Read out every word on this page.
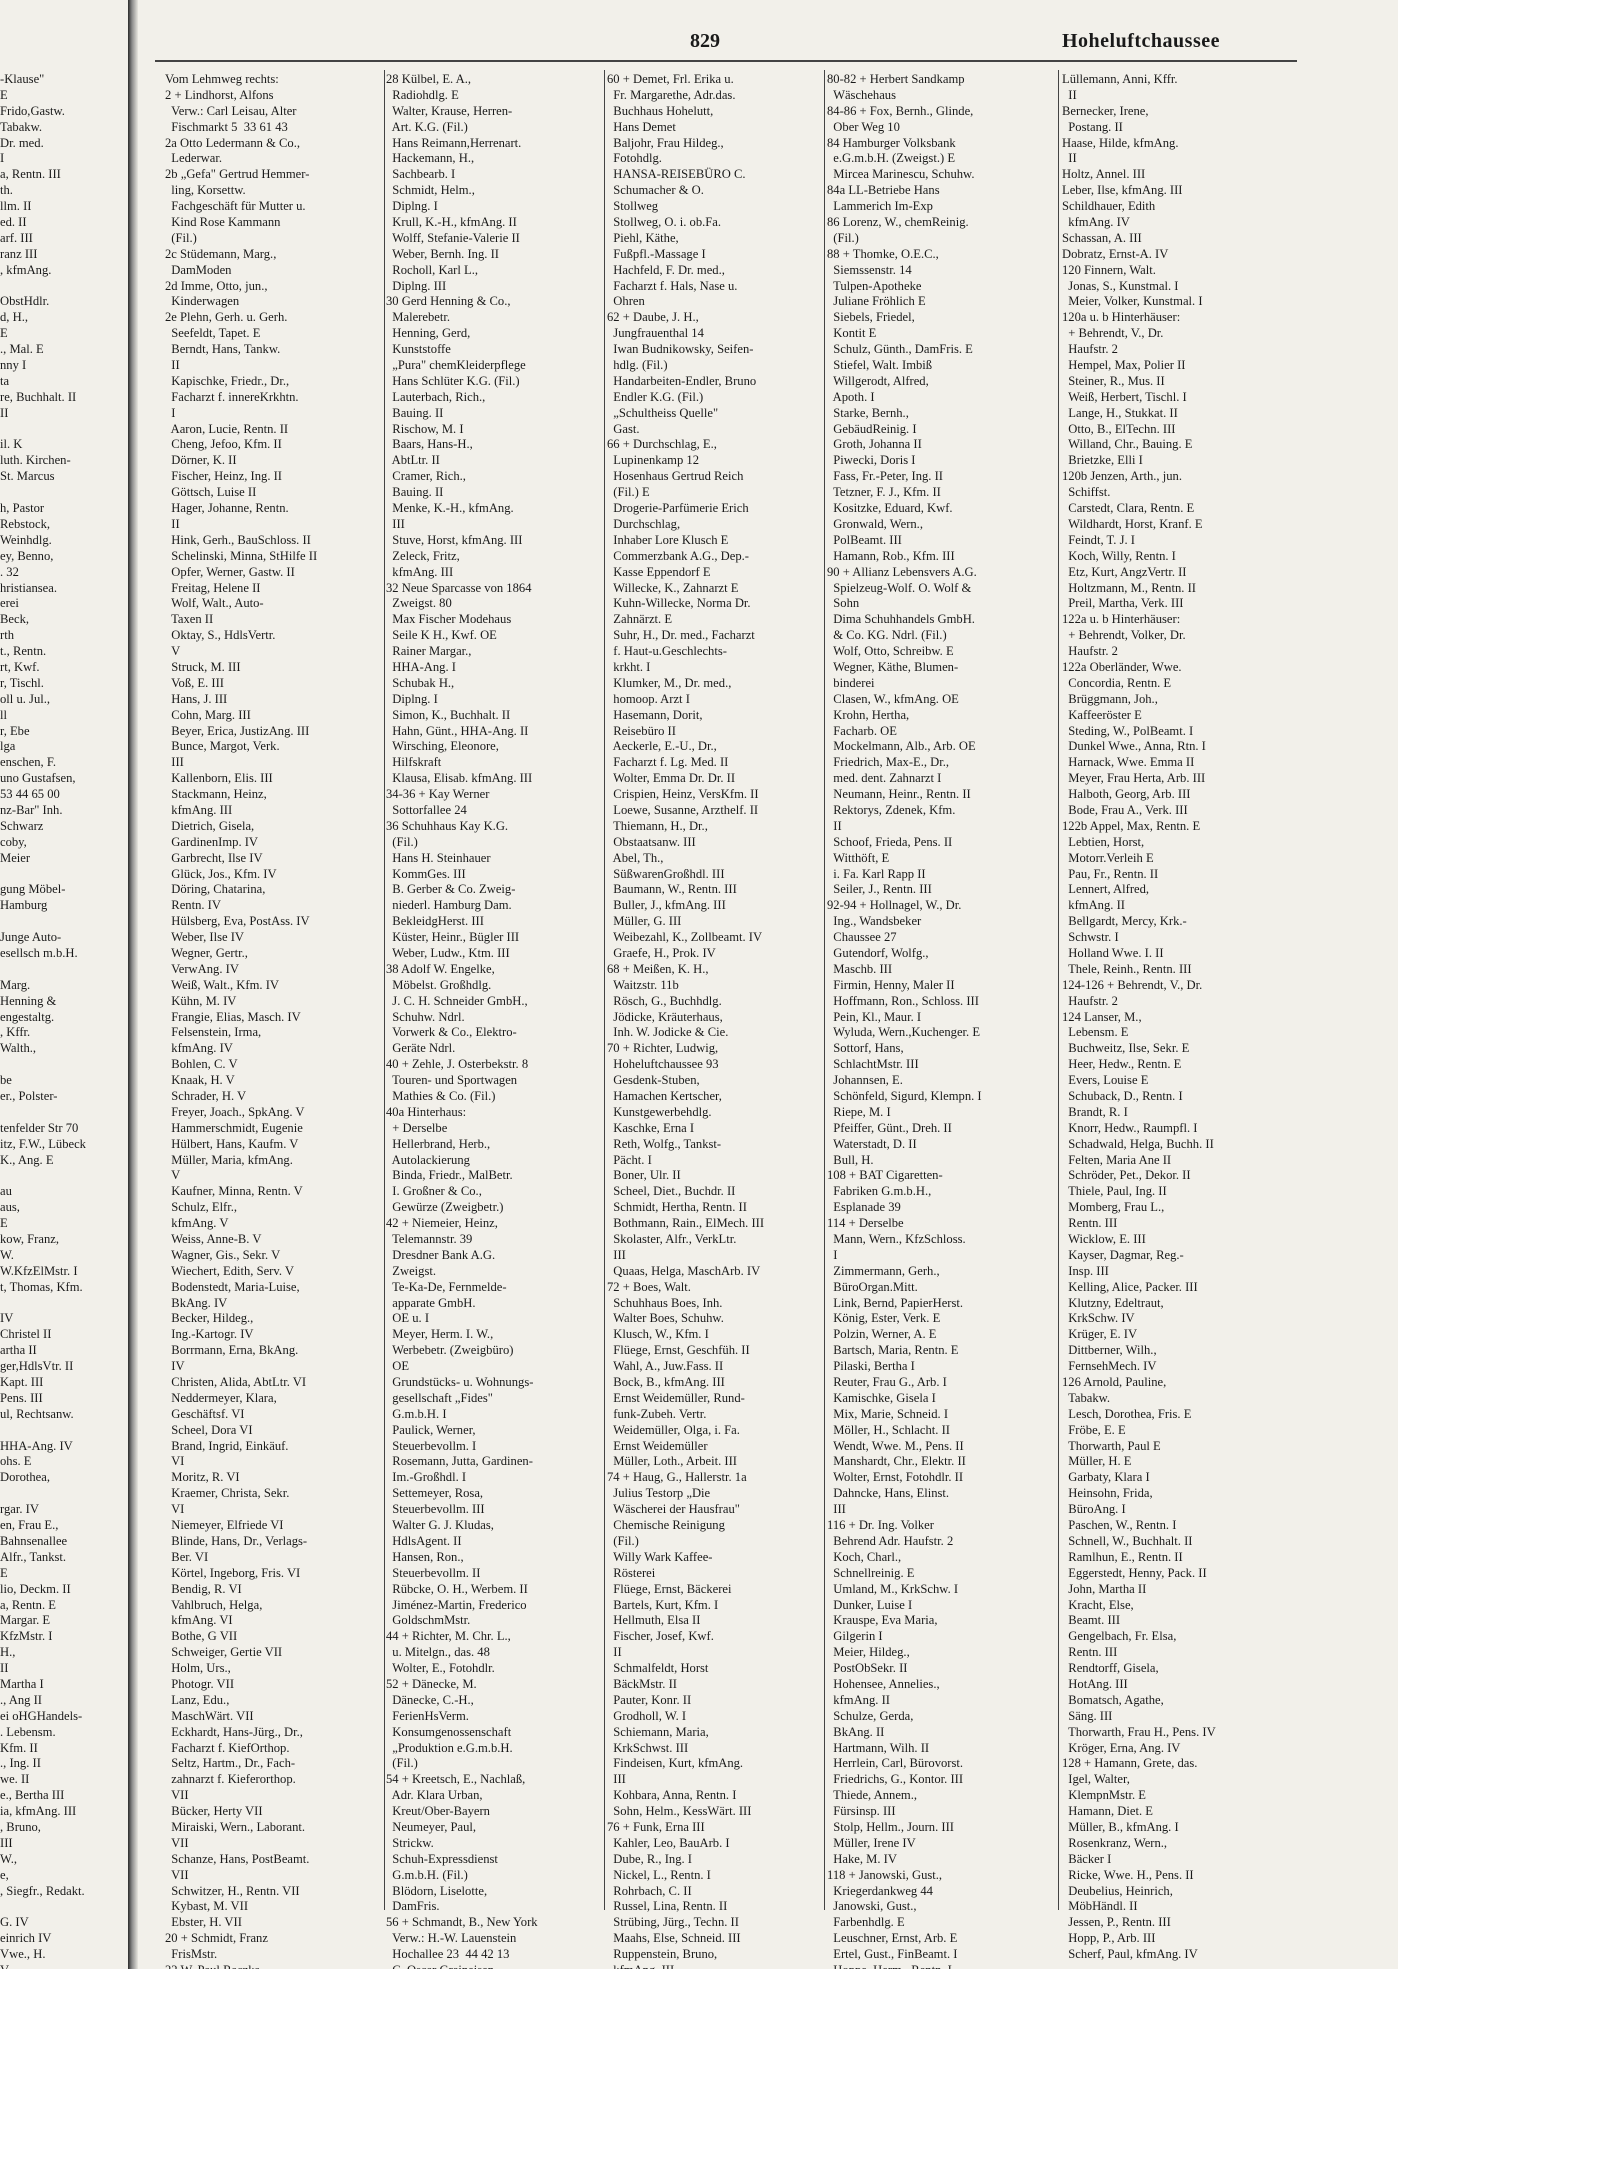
829	Hoheluftchaussee
-Klause"
E
Frido,Gastw.
Tabakw.
Dr. med.
I
a, Rentn. III
th.
llm. II
ed. II
arf. III
ranz III
, kfmAng.
ObstHdlr.
d, H.,
E
., Mal. E
nny I
ta
re, Buchhalt. II
II
il. K
luth. Kirchen-
St. Marcus
h, Pastor
Rebstock,
Weinhdlg.
ey, Benno,
. 32
hristiansea.
erei
Beck,
rth
t., Rentn.
rt, Kwf.
r, Tischl.
oll u. Jul.,
ll
r, Ebe
lga
enschen, F.
uno Gustafsen,
53 44 65 00
nz-Bar" Inh.
Schwarz
coby,
Meier
gung Möbel-
Hamburg
Junge Auto-
esellsch m.b.H.
Marg.
Henning &
engestaltg.
, Kffr.
Walth.,
be
er., Polster-
tenfelder Str 70
itz, F.W., Lübeck
K., Ang. E
au
aus,
E
kow, Franz,
W.
W.KfzElMstr. I
t, Thomas, Kfm.
IV
Christel II
artha II
ger,HdlsVtr. II
Kapt. III
Pens. III
ul, Rechtsanw.
HHA-Ang. IV
ohs. E
Dorothea,
rgar. IV
en, Frau E.,
Bahnsenallee
Alfr., Tankst.
E
lio, Deckm. II
a, Rentn. E
Margar. E
KfzMstr. I
H.,
II
Martha I
., Ang II
ei oHGHandels-
. Lebensm.
Kfm. II
., Ing. II
we. II
e., Bertha III
ia, kfmAng. III
, Bruno,
III
W.,
e,
, Siegfr., Redakt.
G. IV
einrich IV
Vwe., H.
Vom Lehmweg rechts:
2 + Lindhorst, Alfons
Verw.: Carl Leisau, Alter
Fischmarkt 5  33 61 43
2a Otto Ledermann & Co.,
Lederwar.
2b „Gefa" Gertrud Hemmer-
ling, Korsettw.
Fachgeschäft für Mutter u.
Kind Rose Kammann
(Fil.)
2c Stüdemann, Marg.,
DamModen
2d Imme, Otto, jun.,
Kinderwagen
2e Plehn, Gerh. u. Gerh.
Seefeldt, Tapet. E
Berndt, Hans, Tankw.
II
Kapischke, Friedr., Dr.,
Facharzt f. innereKrkhtn.
I
Aaron, Lucie, Rentn. II
Cheng, Jefoo, Kfm. II
Dörner, K. II
Fischer, Heinz, Ing. II
Göttsch, Luise II
Hager, Johanne, Rentn.
II
Hink, Gerh., BauSchloss. II
Schelinski, Minna, StHilfe II
Opfer, Werner, Gastw. II
Freitag, Helene II
Wolf, Walt., Auto-
Taxen II
Oktay, S., HdlsVertr.
V
Struck, M. III
Voß, E. III
Hans, J. III
Cohn, Marg. III
Beyer, Erica, JustizAng. III
Bunce, Margot, Verk.
III
Kallenborn, Elis. III
Stackmann, Heinz,
kfmAng. III
Dietrich, Gisela,
GardinenImp. IV
Garbrecht, Ilse IV
Glück, Jos., Kfm. IV
Döring, Chatarina,
Rentn. IV
Hülsberg, Eva, PostAss. IV
Weber, Ilse IV
Wegner, Gertr.,
VerwAng. IV
Weiß, Walt., Kfm. IV
Kühn, M. IV
Frangie, Elias, Masch. IV
Felsenstein, Irma,
kfmAng. IV
Bohlen, C. V
Knaak, H. V
Schrader, H. V
Freyer, Joach., SpkAng. V
Hammerschmidt, Eugenie
Hülbert, Hans, Kaufm. V
Müller, Maria, kfmAng.
V
Kaufner, Minna, Rentn. V
Schulz, Elfr.,
kfmAng. V
Weiss, Anne-B. V
Wagner, Gis., Sekr. V
Wiechert, Edith, Serv. V
Bodenstedt, Maria-Luise,
BkAng. IV
Becker, Hildeg.,
Ing.-Kartogr. IV
Borrmann, Erna, BkAng.
IV
Christen, Alida, AbtLtr. VI
Neddermeyer, Klara,
Geschäftsf. VI
Scheel, Dora VI
Brand, Ingrid, Einkäuf.
VI
Moritz, R. VI
Kraemer, Christa, Sekr.
VI
Niemeyer, Elfriede VI
Blinde, Hans, Dr., Verlags-
Ber. VI
Körtel, Ingeborg, Fris. VI
Bendig, R. VI
Vahlbruch, Helga,
kfmAng. VI
Bothe, G VII
Schweiger, Gertie VII
Holm, Urs.,
Photogr. VII
Lanz, Edu.,
MaschWärt. VII
Eckhardt, Hans-Jürg., Dr.,
Facharzt f. KiefOrthop.
Seltz, Hartm., Dr., Fach-
zahnarzt f. Kieferorthop.
VII
Bücker, Herty VII
Miraiski, Wern., Laborant.
VII
Schanze, Hans, PostBeamt.
VII
Schwitzer, H., Rentn. VII
Kybast, M. VII
Ebster, H. VII
20 + Schmidt, Franz
FrisMstr.
28 Külbel, E. A.,
Radiohdlg. E
Walter, Krause, Herren-
Art. K.G. (Fil.)
Hans Reimann,Herrenart.
Hackemann, H.,
Sachbearb. I
Schmidt, Helm.,
Diplng. I
Krull, K.-H., kfmAng. II
Wolff, Stefanie-Valerie II
Weber, Bernh. Ing. II
Rocholl, Karl L.,
Diplng. III
30 Gerd Henning & Co.,
Malerebetr.
Henning, Gerd,
Kunststoffe
„Pura" chemKleiderpflege
Hans Schlüter K.G. (Fil.)
Lauterbach, Rich.,
Bauing. II
Rischow, M. I
Baars, Hans-H.,
AbtLtr. II
Cramer, Rich.,
Bauing. II
Menke, K.-H., kfmAng.
III
Stuve, Horst, kfmAng. III
Zeleck, Fritz,
kfmAng. III
32 Neue Sparcasse von 1864
Zweigst. 80
Max Fischer Modehaus
Seile K H., Kwf. OE
Rainer Margar.,
HHA-Ang. I
Schubak H.,
Diplng. I
Simon, K., Buchhalt. II
Hahn, Günt., HHA-Ang. II
Wirsching, Eleonore,
Hilfskraft
Klausa, Elisab. kfmAng. III
34-36 + Kay Werner
Sottorfallee 24
36 Schuhhaus Kay K.G.
(Fil.)
Hans H. Steinhauer
KommGes. III
B. Gerber & Co. Zweig-
niederl. Hamburg Dam.
BekleidgHerst. III
Küster, Heinr., Bügler III
Weber, Ludw., Ktm. III
38 Adolf W. Engelke,
Möbelst. Großhdlg.
J. C. H. Schneider GmbH.,
Schuhw. Ndrl.
Vorwerk & Co., Elektro-
Geräte Ndrl.
40 + Zehle, J. Osterbekstr. 8
Touren- und Sportwagen
Mathies & Co. (Fil.)
40a Hinterhaus:
+ Derselbe
Hellerbrand, Herb.,
Autolackierung
Binda, Friedr., MalBetr.
I. Großner & Co.,
Gewürze (Zweigbetr.)
42 + Niemeier, Heinz,
Telemannstr. 39
Dresdner Bank A.G.
Zweigst.
Te-Ka-De, Fernmelde-
apparate GmbH.
OE u. I
Meyer, Herm. I. W.,
Werbebetr. (Zweigbüro)
OE
Grundstücks- u. Wohnungs-
gesellschaft „Fides"
G.m.b.H. I
Paulick, Werner,
Steuerbevollm. I
Rosemann, Jutta, Gardinen-
Im.-Großhdl. I
Settemeyer, Rosa,
Steuerbevollm. III
Walter G. J. Kludas,
HdlsAgent. II
Hansen, Ron.,
Steuerbevollm. II
Rübcke, O. H., Werbem. II
Jiménez-Martin, Frederico
GoldschmMstr.
44 + Richter, M. Chr. L.,
u. Mitelgn., das. 48
Wolter, E., Fotohdlr.
52 + Dänecke, M.
Dänecke, C.-H.,
FerienHsVerm.
Konsumgenossenschaft
„Produktion e.G.m.b.H.
(Fil.)
54 + Kreetsch, E., Nachlaß,
Adr. Klara Urban,
Kreut/Ober-Bayern
Neumeyer, Paul,
Strickw.
Schuh-Expressdienst
G.m.b.H. (Fil.)
Blödorn, Liselotte,
DamFris.
56 + Schmandt, B., New York
Verw.: H.-W. Lauenstein
Hochallee 23  44 42 13
60 + Demet, Frl. Erika u.
Fr. Margarethe, Adr.das.
Buchhaus Hohelutt,
Hans Demet
Baljohr, Frau Hildeg.,
Fotohdlg.
HANSA-REISEBÜRO C.
Schumacher & O.
Stollweg
Stollweg, O. i. ob.Fa.
Piehl, Käthe,
Fußpfl.-Massage I
Hachfeld, F. Dr. med.,
Facharzt f. Hals, Nase u.
Ohren
62 + Daube, J. H.,
Jungfrauenthal 14
Iwan Budnikowsky, Seifen-
hdlg. (Fil.)
Handarbeiten-Endler, Bruno
Endler K.G. (Fil.)
„Schultheiss Quelle"
Gast.
66 + Durchschlag, E.,
Lupinenkamp 12
Hosenhaus Gertrud Reich
(Fil.) E
Drogerie-Parfümerie Erich
Durchschlag,
Inhaber Lore Klusch E
Commerzbank A.G., Dep.-
Kasse Eppendorf E
Willecke, K., Zahnarzt E
Kuhn-Willecke, Norma Dr.
Zahnärzt. E
Suhr, H., Dr. med., Facharzt
f. Haut-u.Geschlechts-
krkht. I
Klumker, M., Dr. med.,
homoop. Arzt I
Hasemann, Dorit,
Reisebüro II
Aeckerle, E.-U., Dr.,
Facharzt f. Lg. Med. II
Wolter, Emma Dr. Dr. II
Crispien, Heinz, VersKfm. II
Loewe, Susanne, Arzthelf. II
Thiemann, H., Dr.,
Obstaatsanw. III
Abel, Th.,
SüßwarenGroßhdl. III
Baumann, W., Rentn. III
Buller, J., kfmAng. III
Müller, G. III
Weibezahl, K., Zollbeamt. IV
Graefe, H., Prok. IV
68 + Meißen, K. H.,
Waitzstr. 11b
Rösch, G., Buchhdlg.
Jödicke, Kräuterhaus,
Inh. W. Jodicke & Cie.
70 + Richter, Ludwig,
Hoheluftchaussee 93
Gesdenk-Stuben,
Hamachen Kertscher,
Kunstgewerbehdlg.
Kaschke, Erna I
Reth, Wolfg., Tankst-
Pächt. I
Boner, Ulr. II
Scheel, Diet., Buchdr. II
Schmidt, Hertha, Rentn. II
Bothmann, Rain., ElMech. III
Skolaster, Alfr., VerkLtr.
III
Quaas, Helga, MaschArb. IV
72 + Boes, Walt.
Schuhhaus Boes, Inh.
Walter Boes, Schuhw.
Klusch, W., Kfm. I
Flüege, Ernst, Geschfüh. II
Wahl, A., Juw.Fass. II
Bock, B., kfmAng. III
Ernst Weidemüller, Rund-
funk-Zubeh. Vertr.
Weidemüller, Olga, i. Fa.
Ernst Weidemüller
Müller, Loth., Arbeit. III
74 + Haug, G., Hallerstr. 1a
Julius Testorp „Die
Wäscherei der Hausfrau"
Chemische Reinigung
(Fil.)
Willy Wark Kaffee-
Rösterei
Flüege, Ernst, Bäckerei
Bartels, Kurt, Kfm. I
Hellmuth, Elsa II
Fischer, Josef, Kwf.
II
Schmalfeldt, Horst
BäckMstr. II
Pauter, Konr. II
Grodholl, W. I
Schiemann, Maria,
KrkSchwst. III
Findeisen, Kurt, kfmAng.
III
Kohbara, Anna, Rentn. I
Sohn, Helm., KessWärt. III
76 + Funk, Erna III
Kahler, Leo, BauArb. I
Dube, R., Ing. I
Nickel, L., Rentn. I
Rohrbach, C. II
Russel, Lina, Rentn. II
Strübing, Jürg., Techn. II
Maahs, Else, Schneid. III
Ruppenstein, Bruno,
80-82 + Herbert Sandkamp
Wäschehaus
84-86 + Fox, Bernh., Glinde,
Ober Weg 10
84 Hamburger Volksbank
e.G.m.b.H. (Zweigst.) E
Mircea Marinescu, Schuhw.
84a LL-Betriebe Hans
Lammerich Im-Exp
86 Lorenz, W., chemReinig.
(Fil.)
88 + Thomke, O.E.C.,
Siemssenstr. 14
Tulpen-Apotheke
Juliane Fröhlich E
Siebels, Friedel,
Kontit E
Schulz, Günth., DamFris. E
Stiefel, Walt. Imbiß
Willgerodt, Alfred,
Apoth. I
Starke, Bernh.,
GebäudReinig. I
Groth, Johanna II
Piwecki, Doris I
Fass, Fr.-Peter, Ing. II
Tetzner, F. J., Kfm. II
Kositzke, Eduard, Kwf.
Gronwald, Wern.,
PolBeamt. III
Hamann, Rob., Kfm. III
90 + Allianz Lebensvers A.G.
Spielzeug-Wolf. O. Wolf &
Sohn
Dima Schuhhandels GmbH.
& Co. KG. Ndrl. (Fil.)
Wolf, Otto, Schreibw. E
Wegner, Käthe, Blumen-
binderei
Clasen, W., kfmAng. OE
Krohn, Hertha,
Facharb. OE
Mockelmann, Alb., Arb. OE
Friedrich, Max-E., Dr.,
med. dent. Zahnarzt I
Neumann, Heinr., Rentn. II
Rektorys, Zdenek, Kfm.
II
Schoof, Frieda, Pens. II
Witthöft, E
i. Fa. Karl Rapp II
Seiler, J., Rentn. III
92-94 + Hollnagel, W., Dr.
Ing., Wandsbeker
Chaussee 27
Gutendorf, Wolfg.,
Maschb. III
Firmin, Henny, Maler II
Hoffmann, Ron., Schloss. III
Pein, Kl., Maur. I
Wyluda, Wern.,Kuchenger. E
Sottorf, Hans,
SchlachtMstr. III
Johannsen, E.
Schönfeld, Sigurd, Klempn. I
Riepe, M. I
Pfeiffer, Günt., Dreh. II
Waterstadt, D. II
Bull, H.
108 + BAT Cigaretten-
Fabriken G.m.b.H.,
Esplanade 39
114 + Derselbe
Mann, Wern., KfzSchloss.
I
Zimmermann, Gerh.,
BüroOrgan.Mitt.
Link, Bernd, PapierHerst.
König, Ester, Verk. E
Polzin, Werner, A. E
Bartsch, Maria, Rentn. E
Pilaski, Bertha I
Reuter, Frau G., Arb. I
Kamischke, Gisela I
Mix, Marie, Schneid. I
Möller, H., Schlacht. II
Wendt, Wwe. M., Pens. II
Manshardt, Chr., Elektr. II
Wolter, Ernst, Fotohdlr. II
Dahncke, Hans, Elinst.
III
116 + Dr. Ing. Volker
Behrend Adr. Haufstr. 2
Koch, Charl.,
Schnellreinig. E
Umland, M., KrkSchw. I
Dunker, Luise I
Krauspe, Eva Maria,
Gilgerin I
Meier, Hildeg.,
PostObSekr. II
Hohensee, Annelies.,
kfmAng. II
Schulze, Gerda,
BkAng. II
Hartmann, Wilh. II
Herrlein, Carl, Bürovorst.
Friedrichs, G., Kontor. III
Thiede, Annem.,
Fürsinsp. III
Stolp, Hellm., Journ. III
Müller, Irene IV
Hake, M. IV
118 + Janowski, Gust.,
Kriegerdankweg 44
Janowski, Gust.,
Farbenhdlg. E
Leuschner, Ernst, Arb. E
Ertel, Gust., FinBeamt. I
Lüllemann, Anni, Kffr.
II
Bernecker, Irene,
Postang. II
Haase, Hilde, kfmAng.
II
Holtz, Annel. III
Leber, Ilse, kfmAng. III
Schildhauer, Edith
kfmAng. IV
Schassan, A. III
Dobratz, Ernst-A. IV
120 Finnern, Walt.
Jonas, S., Kunstmal. I
Meier, Volker, Kunstmal. I
120a u. b Hinterhäuser:
+ Behrendt, V., Dr.
Haufstr. 2
Hempel, Max, Polier II
Steiner, R., Mus. II
Weiß, Herbert, Tischl. I
Lange, H., Stukkat. II
Otto, B., ElTechn. III
Willand, Chr., Bauing. E
Brietzke, Elli I
120b Jenzen, Arth., jun.
Schiffst.
Carstedt, Clara, Rentn. E
Wildhardt, Horst, Kranf. E
Feindt, T. J. I
Koch, Willy, Rentn. I
Etz, Kurt, AngzVertr. II
Holtzmann, M., Rentn. II
Preil, Martha, Verk. III
122a u. b Hinterhäuser:
+ Behrendt, Volker, Dr.
Haufstr. 2
122a Oberländer, Wwe.
Concordia, Rentn. E
Brüggmann, Joh.,
Kaffeeröster E
Steding, W., PolBeamt. I
Dunkel Wwe., Anna, Rtn. I
Harnack, Wwe. Emma II
Meyer, Frau Herta, Arb. III
Halboth, Georg, Arb. III
Bode, Frau A., Verk. III
122b Appel, Max, Rentn. E
Lebtien, Horst,
Motorr.Verleih E
Pau, Fr., Rentn. II
Lennert, Alfred,
kfmAng. II
Bellgardt, Mercy, Krk.-
Schwstr. I
Holland Wwe. I. II
Thele, Reinh., Rentn. III
124-126 + Behrendt, V., Dr.
Haufstr. 2
124 Lanser, M.,
Lebensm. E
Buchweitz, Ilse, Sekr. E
Heer, Hedw., Rentn. E
Evers, Louise E
Schuback, D., Rentn. I
Brandt, R. I
Knorr, Hedw., Raumpfl. I
Schadwald, Helga, Buchh. II
Felten, Maria Ane II
Schröder, Pet., Dekor. II
Thiele, Paul, Ing. II
Momberg, Frau L.,
Rentn. III
Wicklow, E. III
Kayser, Dagmar, Reg.-
Insp. III
Kelling, Alice, Packer. III
Klutzny, Edeltraut,
KrkSchw. IV
Krüger, E. IV
Dittberner, Wilh.,
FernsehMech. IV
126 Arnold, Pauline,
Tabakw.
Lesch, Dorothea, Fris. E
Fröbe, E. E
Thorwarth, Paul E
Müller, H. E
Garbaty, Klara I
Heinsohn, Frida,
BüroAng. I
Paschen, W., Rentn. I
Schnell, W., Buchhalt. II
Ramlhun, E., Rentn. II
Eggerstedt, Henny, Pack. II
John, Martha II
Kracht, Else,
Beamt. III
Gengelbach, Fr. Elsa,
Rentn. III
Rendtorff, Gisela,
HotAng. III
Bomatsch, Agathe,
Säng. III
Thorwarth, Frau H., Pens. IV
Kröger, Erna, Ang. IV
128 + Hamann, Grete, das.
Igel, Walter,
KlempnMstr. E
Hamann, Diet. E
Müller, B., kfmAng. I
Rosenkranz, Wern.,
Bäcker I
Ricke, Wwe. H., Pens. II
Deubelius, Heinrich,
MöbHändl. II
Jessen, P., Rentn. III
Hopp, P., Arb. III
Scherf, Paul, kfmAng. IV
